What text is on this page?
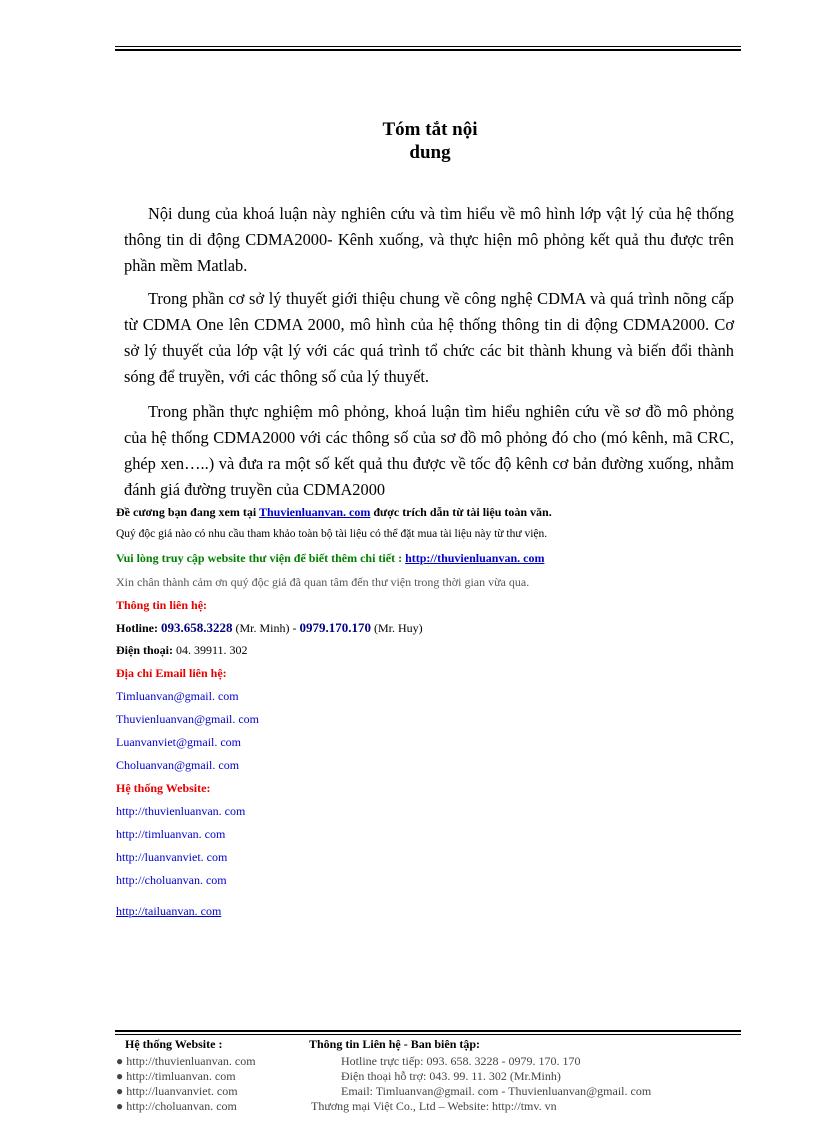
Tóm tắt nội
dung
Nội dung của khoá luận này nghiên cứu và tìm hiểu về mô hình lớp vật lý của hệ thống thông tin di động CDMA2000- Kênh xuống, và thực hiện mô phỏng kết quả thu được trên phần mềm Matlab.
Trong phần cơ sở lý thuyết giới thiệu chung về công nghệ CDMA và quá trình nõng cấp từ CDMA One lên CDMA 2000, mô hình của hệ thống thông tin di động CDMA2000. Cơ sở lý thuyết của lớp vật lý với các quá trình tổ chức các bit thành khung và biến đổi thành sóng để truyền, với các thông số của lý thuyết.
Trong phần thực nghiệm mô phỏng, khoá luận tìm hiểu nghiên cứu về sơ đồ mô phỏng của hệ thống CDMA2000 với các thông số của sơ đồ mô phỏng đó cho (mó kênh, mã CRC, ghép xen…..) và đưa ra một số kết quả thu được về tốc độ kênh cơ bản đường xuống, nhằm đánh giá đường truyền của CDMA2000
Đề cương bạn đang xem tại Thuvienluanvan. com được trích dẫn từ tài liệu toàn văn.
Quý độc giả nào có nhu cầu tham khảo toàn bộ tài liệu có thể đặt mua tài liệu này từ thư viện.
Vui lòng truy cập website thư viện để biết thêm chi tiết : http://thuvienluanvan. com
Xin chân thành cảm ơn quý độc giả đã quan tâm đến thư viện trong thời gian vừa qua.
Thông tin liên hệ:
Hotline: 093.658.3228 (Mr. Minh) - 0979.170.170 (Mr. Huy)
Điện thoại: 04. 39911. 302
Địa chỉ Email liên hệ:
Timluanvan@gmail. com
Thuvienluanvan@gmail. com
Luanvanviet@gmail. com
Choluanvan@gmail. com
Hệ thống Website:
http://thuvienluanvan. com
http://timluanvan. com
http://luanvanviet. com
http://choluanvan. com
http://tailuanvan. com
Hệ thống Website :
● http://thuvienluanvan. com
● http://timluanvan. com
● http://luanvanviet. com
● http://choluanvan. com
Thông tin Liên hệ - Ban biên tập:
Hotline trực tiếp: 093. 658. 3228 - 0979. 170. 170
Điện thoại hỗ trợ: 043. 99. 11. 302 (Mr.Minh)
Email: Timluanvan@gmail. com - Thuvienluanvan@gmail. com
Thương mại Việt Co., Ltd – Website: http://tmv. vn
